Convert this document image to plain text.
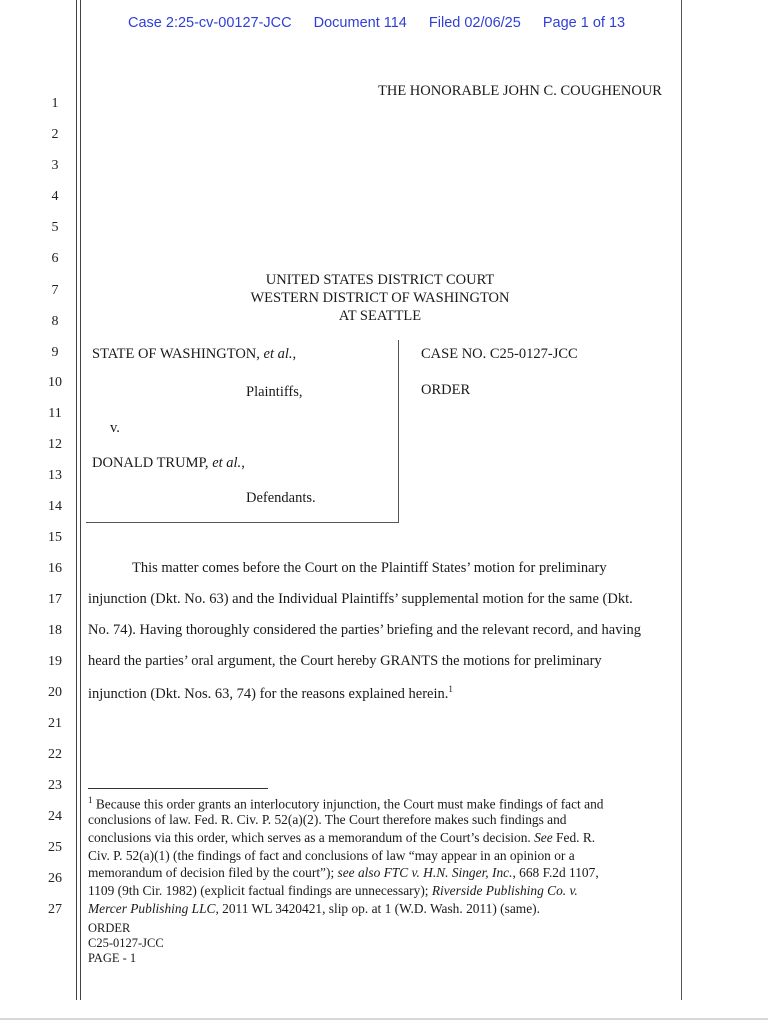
Case 2:25-cv-00127-JCC Document 114 Filed 02/06/25 Page 1 of 13
THE HONORABLE JOHN C. COUGHENOUR
1
2
3
4
5
6
7
8
9
10
11
12
13
14
15
16
17
18
19
20
21
22
23
24
25
26
27
UNITED STATES DISTRICT COURT
WESTERN DISTRICT OF WASHINGTON
AT SEATTLE
STATE OF WASHINGTON, et al.,
Plaintiffs,
v.
DONALD TRUMP, et al.,
Defendants.
CASE NO. C25-0127-JCC
ORDER
This matter comes before the Court on the Plaintiff States’ motion for preliminary
injunction (Dkt. No. 63) and the Individual Plaintiffs’ supplemental motion for the same (Dkt.
No. 74). Having thoroughly considered the parties’ briefing and the relevant record, and having
heard the parties’ oral argument, the Court hereby GRANTS the motions for preliminary
injunction (Dkt. Nos. 63, 74) for the reasons explained herein.$^1$
$^1$ Because this order grants an interlocutory injunction, the Court must make findings of fact and
conclusions of law. Fed. R. Civ. P. 52(a)(2). The Court therefore makes such findings and
conclusions via this order, which serves as a memorandum of the Court’s decision. See Fed. R.
Civ. P. 52(a)(1) (the findings of fact and conclusions of law “may appear in an opinion or a
memorandum of decision filed by the court”); see also FTC v. H.N. Singer, Inc., 668 F.2d 1107,
1109 (9th Cir. 1982) (explicit factual findings are unnecessary); Riverside Publishing Co. v.
Mercer Publishing LLC, 2011 WL 3420421, slip op. at 1 (W.D. Wash. 2011) (same).
ORDER
C25-0127-JCC
PAGE - 1
